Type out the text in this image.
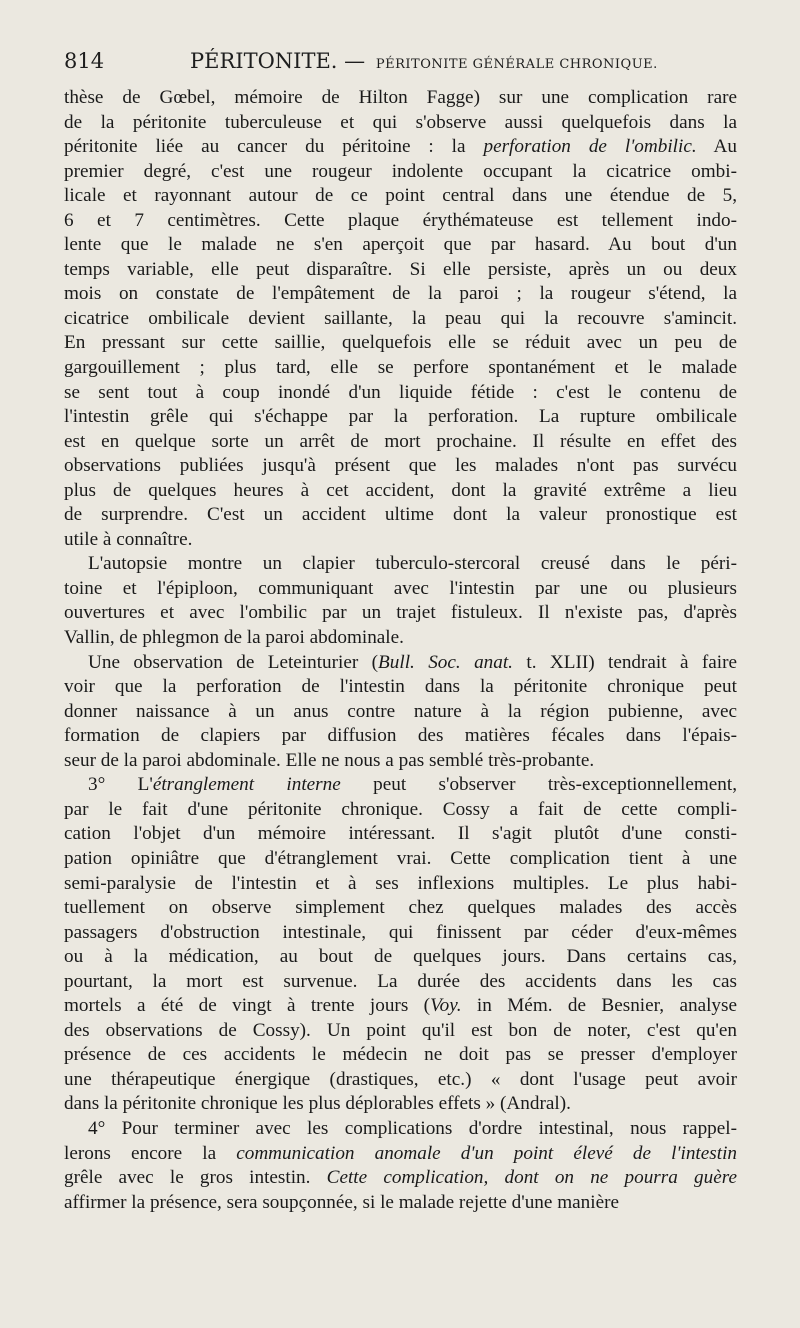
814	PÉRITONITE. — PÉRITONITE GÉNÉRALE CHRONIQUE.
thèse de Gœbel, mémoire de Hilton Fagge) sur une complication rare
de la péritonite tuberculeuse et qui s'observe aussi quelquefois dans la
péritonite liée au cancer du péritoine : la perforation de l'ombilic. Au
premier degré, c'est une rougeur indolente occupant la cicatrice ombi-
licale et rayonnant autour de ce point central dans une étendue de 5,
6 et 7 centimètres. Cette plaque érythémateuse est tellement indo-
lente que le malade ne s'en aperçoit que par hasard. Au bout d'un
temps variable, elle peut disparaître. Si elle persiste, après un ou deux
mois on constate de l'empâtement de la paroi ; la rougeur s'étend, la
cicatrice ombilicale devient saillante, la peau qui la recouvre s'amincit.
En pressant sur cette saillie, quelquefois elle se réduit avec un peu de
gargouillement ; plus tard, elle se perfore spontanément et le malade
se sent tout à coup inondé d'un liquide fétide : c'est le contenu de
l'intestin grêle qui s'échappe par la perforation. La rupture ombilicale
est en quelque sorte un arrêt de mort prochaine. Il résulte en effet des
observations publiées jusqu'à présent que les malades n'ont pas survécu
plus de quelques heures à cet accident, dont la gravité extrême a lieu
de surprendre. C'est un accident ultime dont la valeur pronostique est
utile à connaître.
L'autopsie montre un clapier tuberculo-stercoral creusé dans le péri-
toine et l'épiploon, communiquant avec l'intestin par une ou plusieurs
ouvertures et avec l'ombilic par un trajet fistuleux. Il n'existe pas, d'après
Vallin, de phlegmon de la paroi abdominale.
Une observation de Leteinturier (Bull. Soc. anat. t. XLII) tendrait à faire
voir que la perforation de l'intestin dans la péritonite chronique peut
donner naissance à un anus contre nature à la région pubienne, avec
formation de clapiers par diffusion des matières fécales dans l'épais-
seur de la paroi abdominale. Elle ne nous a pas semblé très-probante.
3° L'étranglement interne peut s'observer très-exceptionnellement,
par le fait d'une péritonite chronique. Cossy a fait de cette compli-
cation l'objet d'un mémoire intéressant. Il s'agit plutôt d'une consti-
pation opiniâtre que d'étranglement vrai. Cette complication tient à une
semi-paralysie de l'intestin et à ses inflexions multiples. Le plus habi-
tuellement on observe simplement chez quelques malades des accès
passagers d'obstruction intestinale, qui finissent par céder d'eux-mêmes
ou à la médication, au bout de quelques jours. Dans certains cas,
pourtant, la mort est survenue. La durée des accidents dans les cas
mortels a été de vingt à trente jours (Voy. in Mém. de Besnier, analyse
des observations de Cossy). Un point qu'il est bon de noter, c'est qu'en
présence de ces accidents le médecin ne doit pas se presser d'employer
une thérapeutique énergique (drastiques, etc.) « dont l'usage peut avoir
dans la péritonite chronique les plus déplorables effets » (Andral).
4° Pour terminer avec les complications d'ordre intestinal, nous rappel-
lerons encore la communication anomale d'un point élevé de l'intestin
grêle avec le gros intestin. Cette complication, dont on ne pourra guère
affirmer la présence, sera soupçonnée, si le malade rejette d'une manière
